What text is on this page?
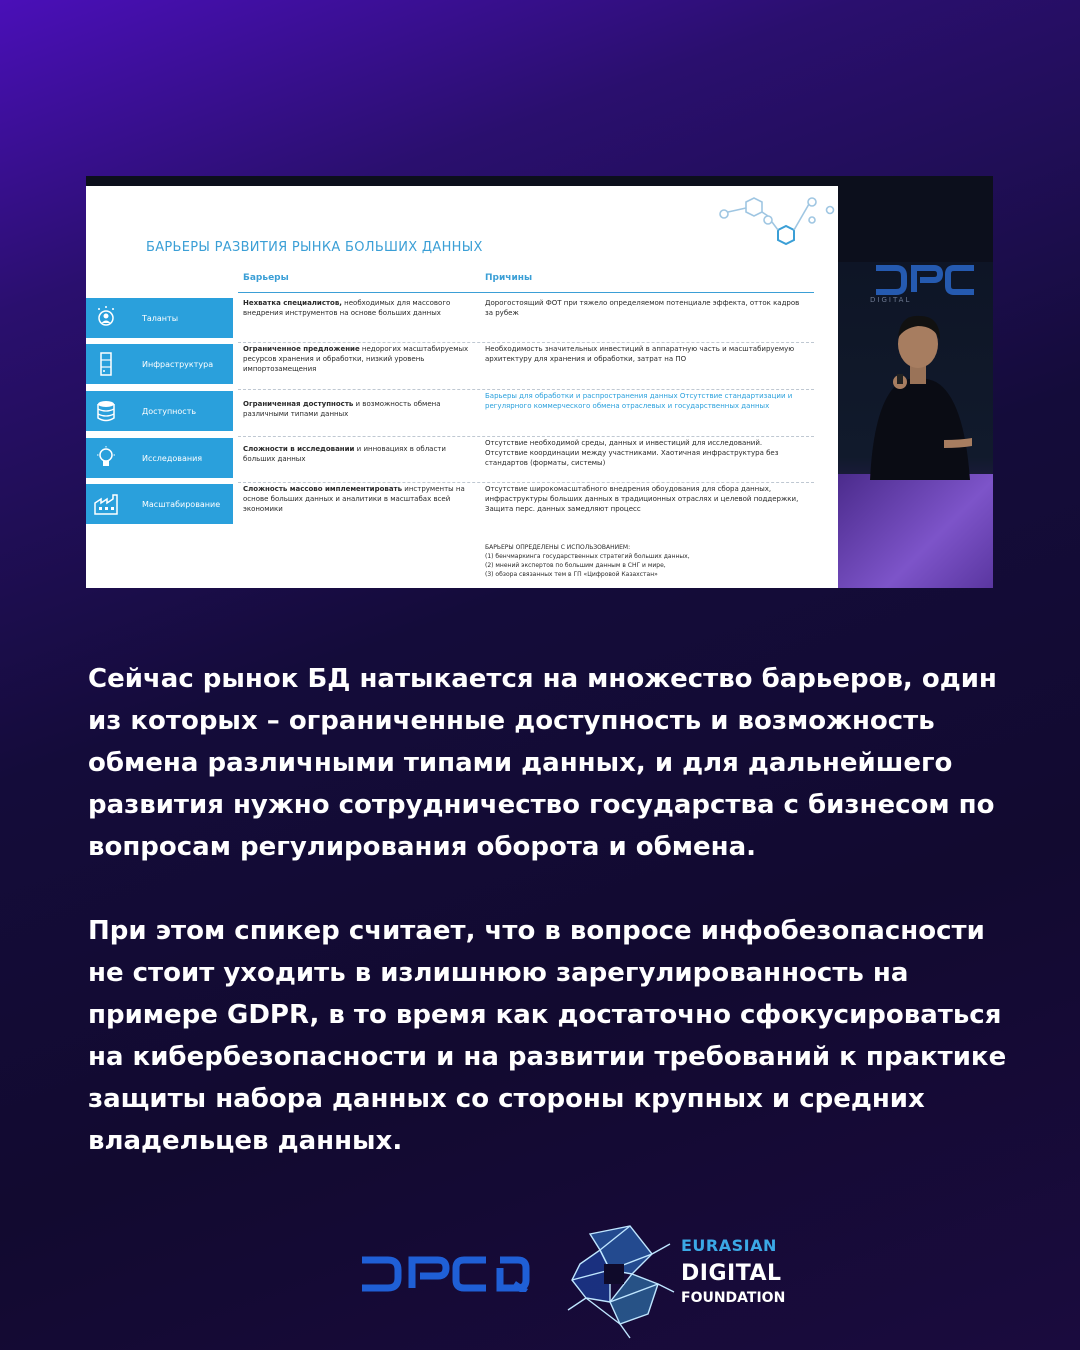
БАРЬЕРЫ РАЗВИТИЯ РЫНКА БОЛЬШИХ ДАННЫХ
Барьеры	Причины
Таланты
Нехватка специалистов, необходимых для массового внедрения инструментов на основе больших данных
Дорогостоящий ФОТ при тяжело определяемом потенциале эффекта, отток кадров за рубеж
Инфраструктура
Ограниченное предложение недорогих масштабируемых ресурсов хранения и обработки, низкий уровень импортозамещения
Необходимость значительных инвестиций в аппаратную часть и масштабируемую архитектуру для хранения и обработки, затрат на ПО
Доступность
Ограниченная доступность и возможность обмена различными типами данных
Барьеры для обработки и распространения данных Отсутствие стандартизации и регулярного коммерческого обмена отраслевых и государственных данных
Исследования
Сложности в исследовании и инновациях в области больших данных
Отсутствие необходимой среды, данных и инвестиций для исследований. Отсутствие координации между участниками. Хаотичная инфраструктура без стандартов (форматы, системы)
Масштабирование
Сложность массово имплементировать инструменты на основе больших данных и аналитики в масштабах всей экономики
Отсутствие широкомасштабного внедрения обоудования для сбора данных, инфраструктуры больших данных в традиционных отраслях и целевой поддержки, Защита перс. данных замедляют процесс
БАРЬЕРЫ ОПРЕДЕЛЕНЫ С ИСПОЛЬЗОВАНИЕМ:
(1) бенчмаркинга государственных стратегий больших данных,
(2) мнений экспертов по большим данным в СНГ и мире,
(3) обзора связанных тем в ГП «Цифровой Казахстан»
DIGITAL

Сейчас рынок БД натыкается на множество барьеров, один из которых – ограниченные доступность и возможность обмена различными типами данных, и для дальнейшего развития нужно сотрудничество государства с бизнесом по вопросам регулирования оборота и обмена.

При этом спикер считает, что в вопросе инфобезопасности не стоит уходить в излишнюю зарегулированность на примере GDPR, в то время как достаточно сфокусироваться на кибербезопасности и на развитии требований к практике защиты набора данных со стороны крупных и средних владельцев данных.

EURASIAN
DIGITAL
FOUNDATION
